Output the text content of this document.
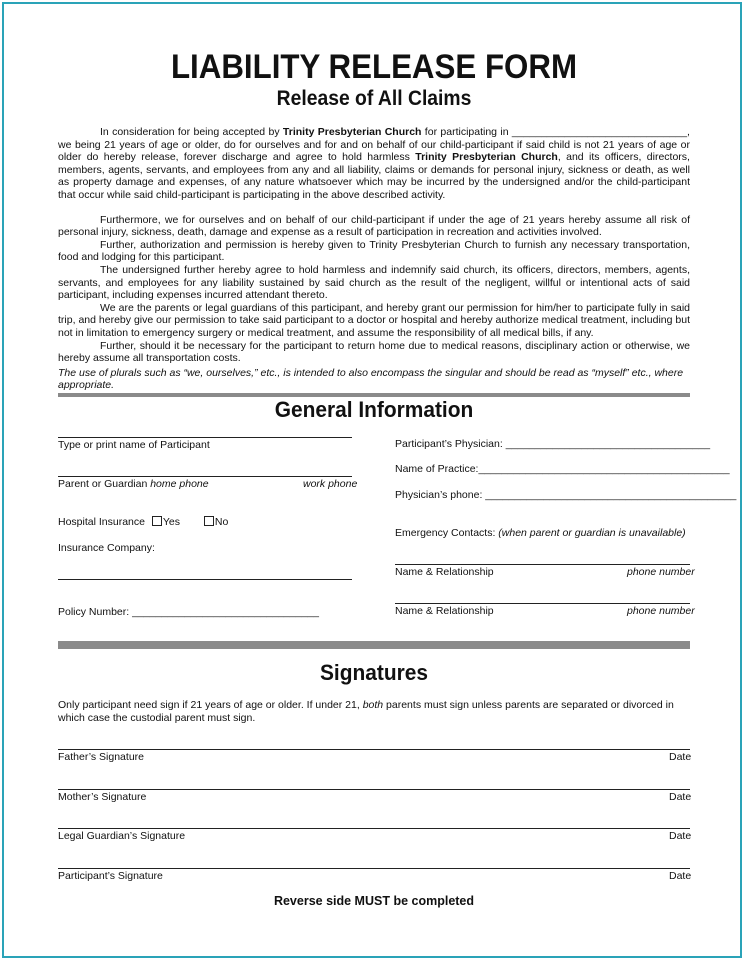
LIABILITY RELEASE FORM
Release of All Claims

In consideration for being accepted by Trinity Presbyterian Church for participating in ______________________________, we being 21 years of age or older, do for ourselves and for and on behalf of our child-participant if said child is not 21 years of age or older do hereby release, forever discharge and agree to hold harmless Trinity Presbyterian Church, and its officers, directors, members, agents, servants, and employees from any and all liability, claims or demands for personal injury, sickness or death, as well as property damage and expenses, of any nature whatsoever which may be incurred by the undersigned and/or the child-participant that occur while said child-participant is participating in the above described activity.

Furthermore, we for ourselves and on behalf of our child-participant if under the age of 21 years hereby assume all risk of personal injury, sickness, death, damage and expense as a result of participation in recreation and activities involved.

Further, authorization and permission is hereby given to Trinity Presbyterian Church to furnish any necessary transportation, food and lodging for this participant.

The undersigned further hereby agree to hold harmless and indemnify said church, its officers, directors, members, agents, servants, and employees for any liability sustained by said church as the result of the negligent, willful or intentional acts of said participant, including expenses incurred attendant thereto.

We are the parents or legal guardians of this participant, and hereby grant our permission for him/her to participate fully in said trip, and hereby give our permission to take said participant to a doctor or hospital and hereby authorize medical treatment, including but not in limitation to emergency surgery or medical treatment, and assume the responsibility of all medical bills, if any.

Further, should it be necessary for the participant to return home due to medical reasons, disciplinary action or otherwise, we hereby assume all transportation costs.

The use of plurals such as “we, ourselves,” etc., is intended to also encompass the singular and should be read as “myself” etc., where appropriate.
General Information
Type or print name of Participant
Parent or Guardian home phone	work phone
Hospital Insurance Yes	No
Insurance Company:
Policy Number: ________________________________
Participant’s Physician: ___________________________________
Name of Practice:___________________________________________
Physician’s phone: ___________________________________________
Emergency Contacts: (when parent or guardian is unavailable)
Name & Relationship	phone number
Name & Relationship	phone number
Signatures
Only participant need sign if 21 years of age or older. If under 21, both parents must sign unless parents are separated or divorced in which case the custodial parent must sign.
Father’s Signature	Date
Mother’s Signature	Date
Legal Guardian’s Signature	Date
Participant’s Signature	Date
Reverse side MUST be completed
